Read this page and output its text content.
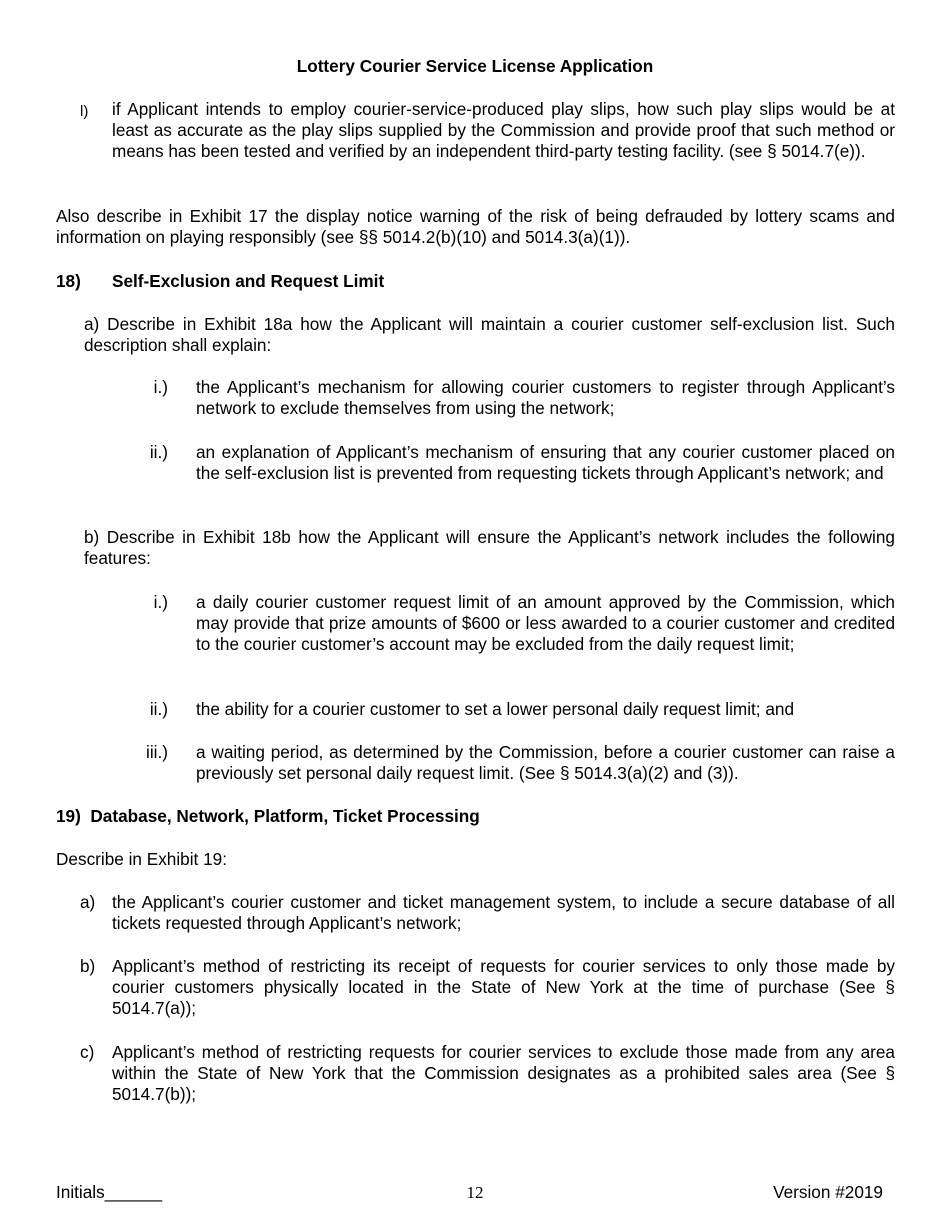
Lottery Courier Service License Application
l)	if Applicant intends to employ courier-service-produced play slips, how such play slips would be at least as accurate as the play slips supplied by the Commission and provide proof that such method or means has been tested and verified by an independent third-party testing facility. (see § 5014.7(e)).
Also describe in Exhibit 17 the display notice warning of the risk of being defrauded by lottery scams and information on playing responsibly (see §§ 5014.2(b)(10) and 5014.3(a)(1)).
18) Self-Exclusion and Request Limit
a) Describe in Exhibit 18a how the Applicant will maintain a courier customer self-exclusion list. Such description shall explain:
i.) the Applicant’s mechanism for allowing courier customers to register through Applicant’s network to exclude themselves from using the network;
ii.) an explanation of Applicant’s mechanism of ensuring that any courier customer placed on the self-exclusion list is prevented from requesting tickets through Applicant’s network; and
b) Describe in Exhibit 18b how the Applicant will ensure the Applicant’s network includes the following features:
i.) a daily courier customer request limit of an amount approved by the Commission, which may provide that prize amounts of $600 or less awarded to a courier customer and credited to the courier customer’s account may be excluded from the daily request limit;
ii.) the ability for a courier customer to set a lower personal daily request limit; and
iii.) a waiting period, as determined by the Commission, before a courier customer can raise a previously set personal daily request limit. (See § 5014.3(a)(2) and (3)).
19)  Database, Network, Platform, Ticket Processing
Describe in Exhibit 19:
a) the Applicant’s courier customer and ticket management system, to include a secure database of all tickets requested through Applicant’s network;
b) Applicant’s method of restricting its receipt of requests for courier services to only those made by courier customers physically located in the State of New York at the time of purchase (See § 5014.7(a));
c)	Applicant’s method of restricting requests for courier services to exclude those made from any area within the State of New York that the Commission designates as a prohibited sales area (See § 5014.7(b));
Initials______	12	Version #2019
